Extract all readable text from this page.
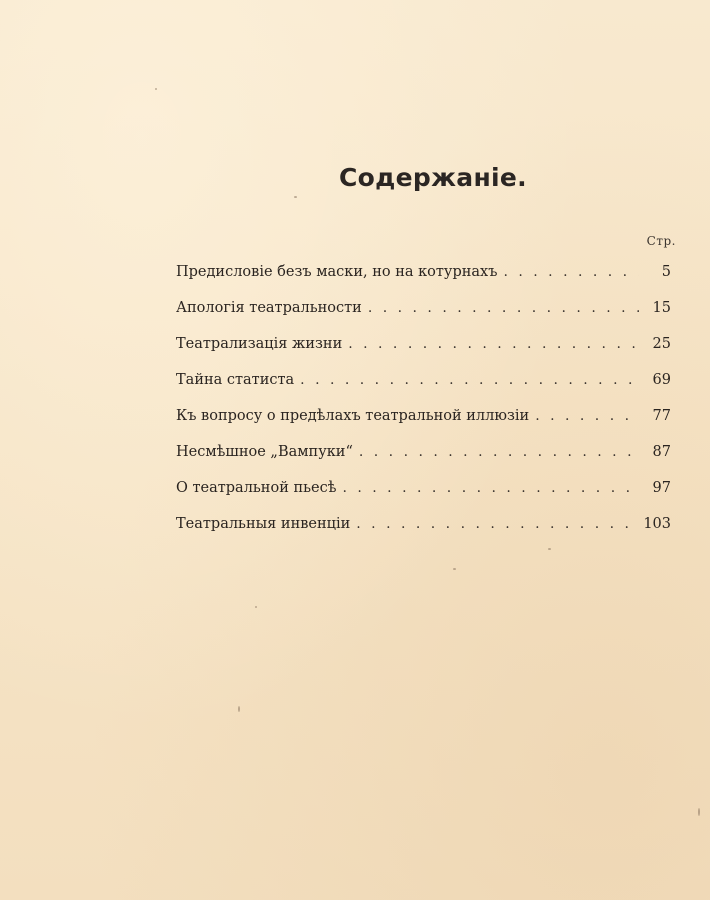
Содержаніе.
Стр.
Предисловіе безъ маски, но на котурнахъ . . .	5
Апологія театральности . . .	15
Театрализація жизни . . .	25
Тайна статиста . . .	69
Къ вопросу о предѣлахъ театральной иллюзіи . . .	77
Несмѣшное „Вампуки“ . . .	87
О театральной пьесѣ . . .	97
Театральныя инвенціи . . .	103
